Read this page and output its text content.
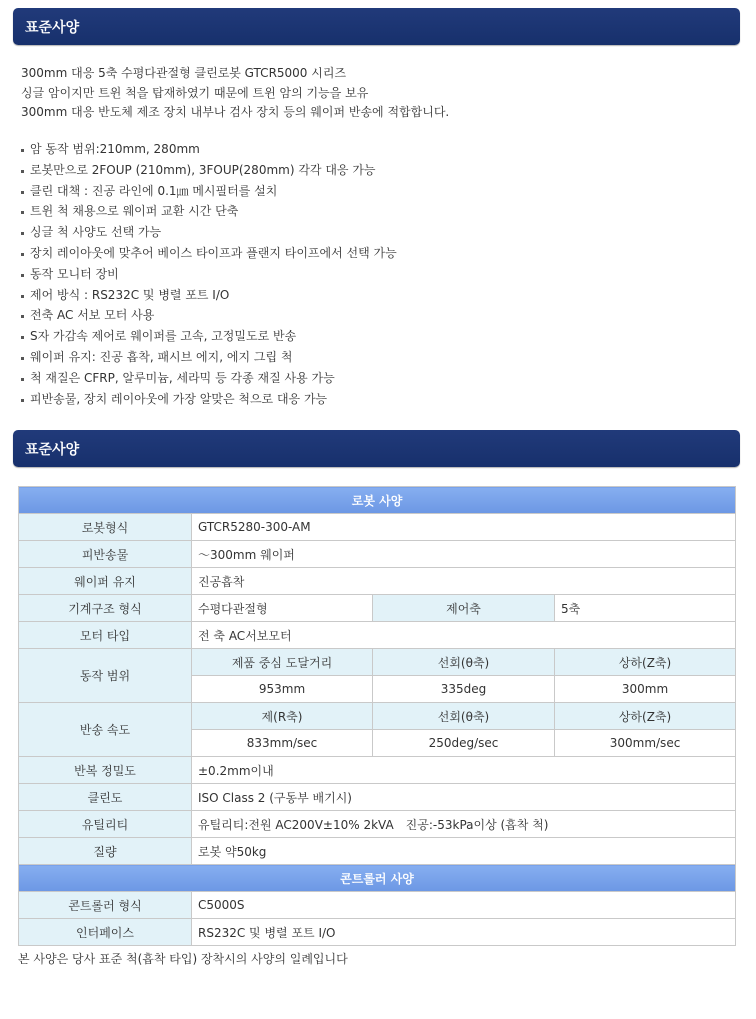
표준사양
300mm 대응 5축 수평다관절형 클린로봇 GTCR5000 시리즈
싱글 암이지만 트윈 척을 탑재하였기 때문에 트윈 암의 기능을 보유
300mm 대응 반도체 제조 장치 내부나 검사 장치 등의 웨이퍼 반송에 적합합니다.
암 동작 범위:210mm, 280mm
로봇만으로 2FOUP (210mm), 3FOUP(280mm) 각각 대응 가능
클린 대책 : 진공 라인에 0.1㎛ 메시필터를 설치
트윈 척 채용으로 웨이퍼 교환 시간 단축
싱글 척 사양도 선택 가능
장치 레이아웃에 맞추어 베이스 타이프과 플랜지 타이프에서 선택 가능
동작 모니터 장비
제어 방식 : RS232C 및 병렬 포트 I/O
전축 AC 서보 모터 사용
S자 가감속 제어로 웨이퍼를 고속, 고정밀도로 반송
웨이퍼 유지: 진공 흡착, 패시브 에지, 에지 그립 척
척 재질은 CFRP, 알루미늄, 세라믹 등 각종 재질 사용 가능
피반송물, 장치 레이아웃에 가장 알맞은 척으로 대응 가능
표준사양
로봇 사양			
로봇형식	GTCR5280-300-AM		
피반송물	～300mm 웨이퍼		
웨이퍼 유지	진공흡착		
기계구조 형식	수평다관절형	제어축	5축
모터 타입	전 축 AC서보모터		
동작 범위	제품 중심 도달거리	선회(θ축)	상하(Z축)
	953mm	335deg	300mm
반송 속도	제(R축)	선회(θ축)	상하(Z축)
	833mm/sec	250deg/sec	300mm/sec
반복 정밀도	±0.2mm이내		
클린도	ISO Class 2 (구동부 배기시)		
유틸리티	유틸리티:전원 AC200V±10% 2kVA　진공:-53kPa이상 (흡착 척)		
질량	로봇 약50kg		
콘트롤러 사양			
콘트롤러 형식	C5000S		
인터페이스	RS232C 및 병렬 포트 I/O		
본 사양은 당사 표준 척(흡착 타입) 장착시의 사양의 일례입니다
